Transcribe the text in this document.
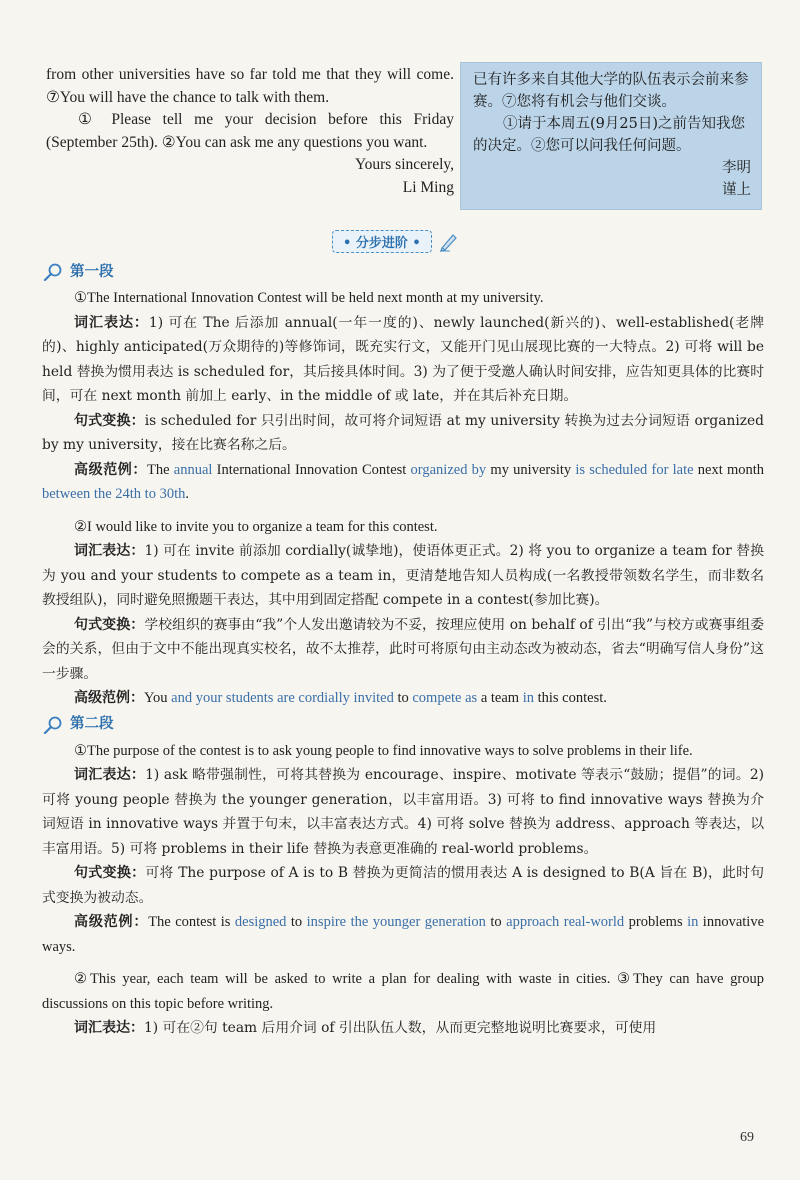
from other universities have so far told me that they will come. ⑦You will have the chance to talk with them.

① Please tell me your decision before this Friday (September 25th). ②You can ask me any questions you want.

Yours sincerely,

Li Ming

已有许多来自其他大学的队伍表示会前来参赛。⑦您将有机会与他们交谈。

①请于本周五(9月25日)之前告知我您的决定。②您可以问我任何问题。

李明

谨上

• 分步进阶 •
第一段

①The International Innovation Contest will be held next month at my university.

词汇表达：1) 可在 The 后添加 annual(一年一度的)、newly launched(新兴的)、well-established(老牌的)、highly anticipated(万众期待的)等修饰词，既充实行文，又能开门见山展现比赛的一大特点。2) 可将 will be held 替换为惯用表达 is scheduled for，其后接具体时间。3) 为了便于受邀人确认时间安排，应告知更具体的比赛时间，可在 next month 前加上 early、in the middle of 或 late，并在其后补充日期。

句式变换：is scheduled for 只引出时间，故可将介词短语 at my university 转换为过去分词短语 organized by my university，接在比赛名称之后。

高级范例：The annual International Innovation Contest organized by my university is scheduled for late next month between the 24th to 30th.

②I would like to invite you to organize a team for this contest.

词汇表达：1) 可在 invite 前添加 cordially(诚挚地)，使语体更正式。2) 将 you to organize a team for 替换为 you and your students to compete as a team in，更清楚地告知人员构成(一名教授带领数名学生，而非数名教授组队)，同时避免照搬题干表达，其中用到固定搭配 compete in a contest(参加比赛)。

句式变换：学校组织的赛事由“我”个人发出邀请较为不妥，按理应使用 on behalf of 引出“我”与校方或赛事组委会的关系，但由于文中不能出现真实校名，故不太推荐，此时可将原句由主动态改为被动态，省去“明确写信人身份”这一步骤。

高级范例：You and your students are cordially invited to compete as a team in this contest.

第二段

①The purpose of the contest is to ask young people to find innovative ways to solve problems in their life.

词汇表达：1) ask 略带强制性，可将其替换为 encourage、inspire、motivate 等表示“鼓励；提倡”的词。2) 可将 young people 替换为 the younger generation，以丰富用语。3) 可将 to find innovative ways 替换为介词短语 in innovative ways 并置于句末，以丰富表达方式。4) 可将 solve 替换为 address、approach 等表达，以丰富用语。5) 可将 problems in their life 替换为表意更准确的 real-world problems。

句式变换：可将 The purpose of A is to B 替换为更简洁的惯用表达 A is designed to B(A 旨在 B)，此时句式变换为被动态。

高级范例：The contest is designed to inspire the younger generation to approach real-world problems in innovative ways.

②This year, each team will be asked to write a plan for dealing with waste in cities. ③They can have group discussions on this topic before writing.

词汇表达：1) 可在②句 team 后用介词 of 引出队伍人数，从而更完整地说明比赛要求，可使用

69
